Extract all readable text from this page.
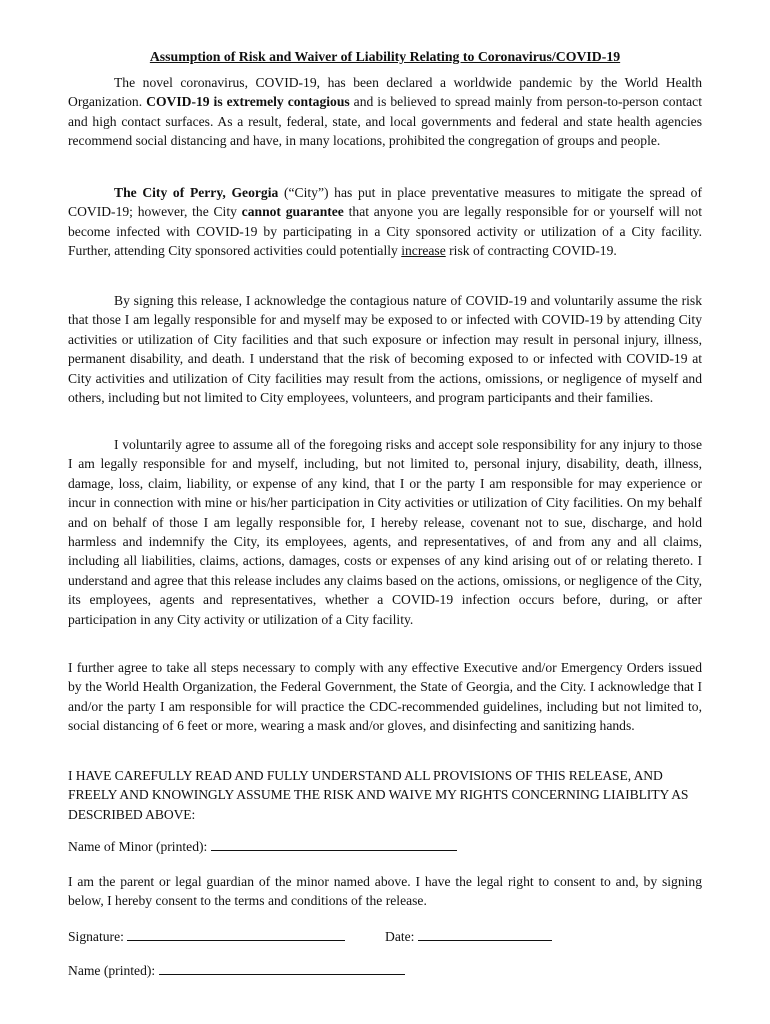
Assumption of Risk and Waiver of Liability Relating to Coronavirus/COVID-19

The novel coronavirus, COVID-19, has been declared a worldwide pandemic by the World Health Organization. COVID-19 is extremely contagious and is believed to spread mainly from person-to-person contact and high contact surfaces. As a result, federal, state, and local governments and federal and state health agencies recommend social distancing and have, in many locations, prohibited the congregation of groups and people.

The City of Perry, Georgia (“City”) has put in place preventative measures to mitigate the spread of COVID-19; however, the City cannot guarantee that anyone you are legally responsible for or yourself will not become infected with COVID-19 by participating in a City sponsored activity or utilization of a City facility. Further, attending City sponsored activities could potentially increase risk of contracting COVID-19.

By signing this release, I acknowledge the contagious nature of COVID-19 and voluntarily assume the risk that those I am legally responsible for and myself may be exposed to or infected with COVID-19 by attending City activities or utilization of City facilities and that such exposure or infection may result in personal injury, illness, permanent disability, and death. I understand that the risk of becoming exposed to or infected with COVID-19 at City activities and utilization of City facilities may result from the actions, omissions, or negligence of myself and others, including but not limited to City employees, volunteers, and program participants and their families.

I voluntarily agree to assume all of the foregoing risks and accept sole responsibility for any injury to those I am legally responsible for and myself, including, but not limited to, personal injury, disability, death, illness, damage, loss, claim, liability, or expense of any kind, that I or the party I am responsible for may experience or incur in connection with mine or his/her participation in City activities or utilization of City facilities. On my behalf and on behalf of those I am legally responsible for, I hereby release, covenant not to sue, discharge, and hold harmless and indemnify the City, its employees, agents, and representatives, of and from any and all claims, including all liabilities, claims, actions, damages, costs or expenses of any kind arising out of or relating thereto. I understand and agree that this release includes any claims based on the actions, omissions, or negligence of the City, its employees, agents and representatives, whether a COVID-19 infection occurs before, during, or after participation in any City activity or utilization of a City facility.

I further agree to take all steps necessary to comply with any effective Executive and/or Emergency Orders issued by the World Health Organization, the Federal Government, the State of Georgia, and the City. I acknowledge that I and/or the party I am responsible for will practice the CDC-recommended guidelines, including but not limited to, social distancing of 6 feet or more, wearing a mask and/or gloves, and disinfecting and sanitizing hands.

I HAVE CAREFULLY READ AND FULLY UNDERSTAND ALL PROVISIONS OF THIS RELEASE, AND FREELY AND KNOWINGLY ASSUME THE RISK AND WAIVE MY RIGHTS CONCERNING LIAIBLITY AS DESCRIBED ABOVE:

Name of Minor (printed):

I am the parent or legal guardian of the minor named above. I have the legal right to consent to and, by signing below, I hereby consent to the terms and conditions of the release.

Signature:	Date:
Name (printed):
